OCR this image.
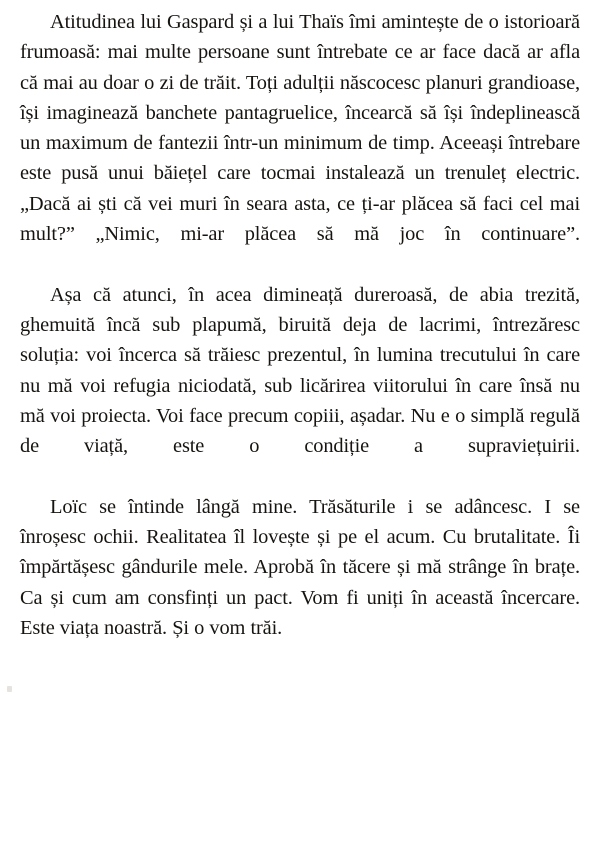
Atitudinea lui Gaspard și a lui Thaïs îmi amintește de o istorioară frumoasă: mai multe persoane sunt întrebate ce ar face dacă ar afla că mai au doar o zi de trăit. Toți adulții născocesc planuri grandioase, își imaginează banchete pantagruelice, încearcă să își îndeplinească un maximum de fantezii într-un minimum de timp. Aceeași întrebare este pusă unui băiețel care tocmai instalează un trenuleț electric. „Dacă ai ști că vei muri în seara asta, ce ți-ar plăcea să faci cel mai mult?” „Nimic, mi-ar plăcea să mă joc în continuare”.

Așa că atunci, în acea dimineață dureroasă, de abia trezită, ghemuită încă sub plapumă, biruită deja de lacrimi, întrezăresc soluția: voi încerca să trăiesc prezentul, în lumina trecutului în care nu mă voi refugia niciodată, sub licărirea viitorului în care însă nu mă voi proiecta. Voi face precum copiii, așadar. Nu e o simplă regulă de viață, este o condiție a supraviețuirii.

Loïc se întinde lângă mine. Trăsăturile i se adâncesc. I se înroșesc ochii. Realitatea îl lovește și pe el acum. Cu brutalitate. Îi împărtășesc gândurile mele. Aprobă în tăcere și mă strânge în brațe. Ca și cum am consfinți un pact. Vom fi uniți în această încercare. Este viața noastră. Și o vom trăi.
